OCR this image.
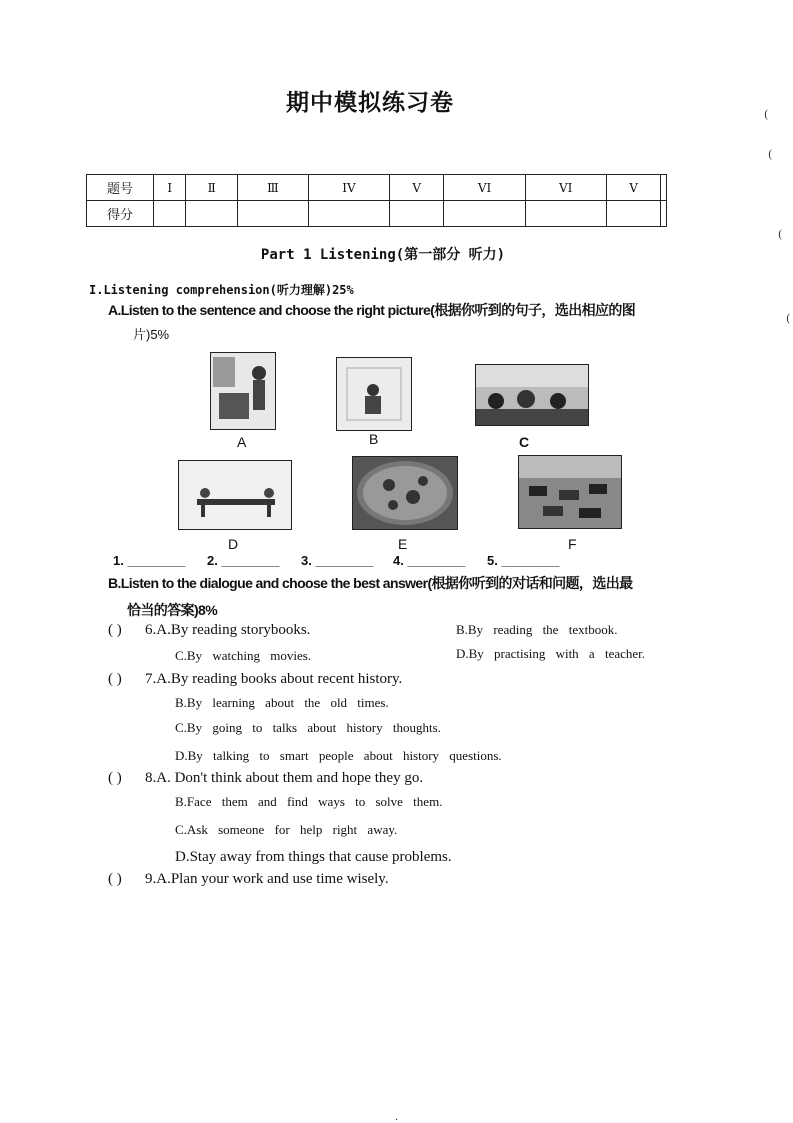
(
(
(
(
期中模拟练习卷
题号	I	Ⅱ	Ⅲ	IV	V	VI	VI	V	
得分									
Part 1 Listening(第一部分 听力)
I.Listening comprehension(听力理解)25%
A.Listen to the sentence and choose the right picture(根据你听到的句子，选出相应的图
片)5%
A	B	C
D	E	F
1. ________ 2. ________ 3. ________ 4. ________ 5. ________
B.Listen to the dialogue and choose the best answer(根据你听到的对话和问题，选出最
恰当的答案)8%
( ) 6.A.By reading storybooks.	B.By reading the textbook.
C.By watching movies.	D.By practising with a teacher.
( ) 7.A.By reading books about recent history.
B.By learning about the old times.
C.By going to talks about history thoughts.
D.By talking to smart people about history questions.
( ) 8.A. Don't think about them and hope they go.
B.Face them and find ways to solve them.
C.Ask someone for help right away.
D.Stay away from things that cause problems.
( ) 9.A.Plan your work and use time wisely.
.
